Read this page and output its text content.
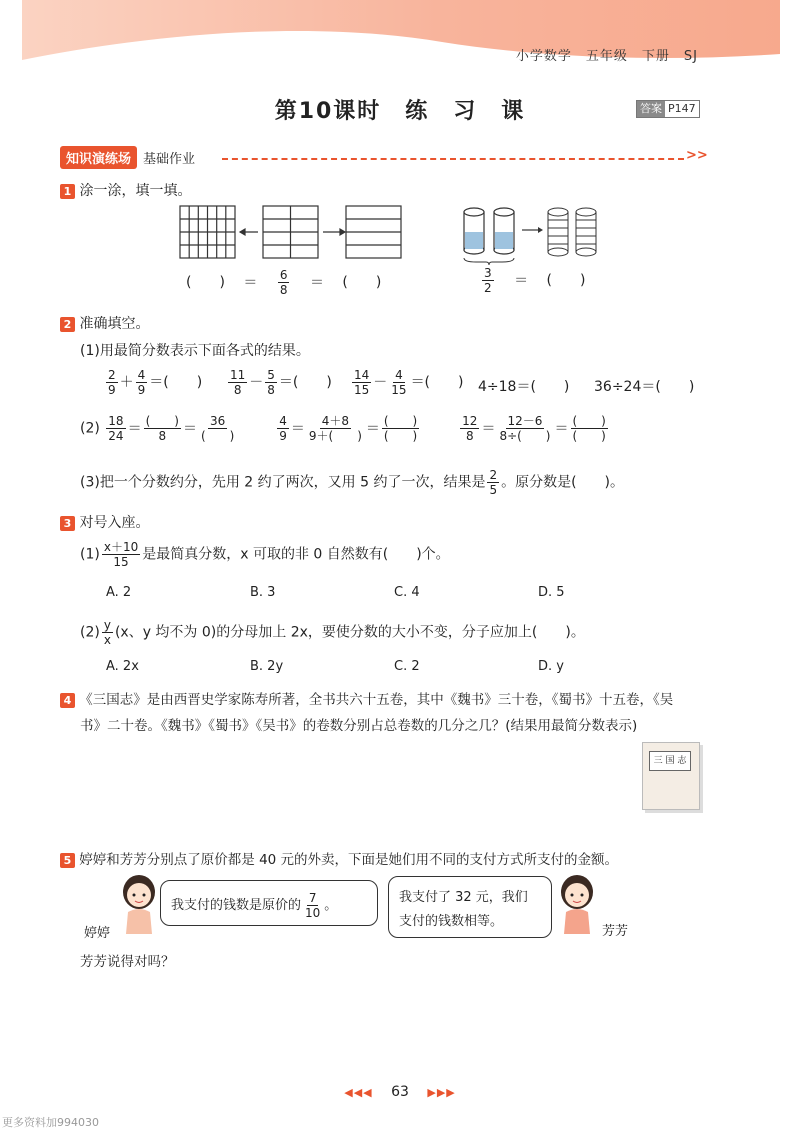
小学数学　五年级　下册　SJ
第10课时　练　习　课	答案 P147
知识演练场 基础作业	>>
1 涂一涂，填一填。
(　　) ＝ $\frac{6}{8}$ ＝ (　　)	$\frac{3}{2}$ ＝ (　　)
2 准确填空。
(1)用最简分数表示下面各式的结果。
$\frac{2}{9} + \frac{4}{9}$ ＝(　　) $\frac{11}{8} - \frac{5}{8}$ ＝(　　) $\frac{14}{15} - \frac{4}{15}$ ＝(　　) 4÷18＝(　　) 36÷24＝(　　)
$(2) \frac{18}{24} = \frac{( )}{8} = \frac{36}{( )}$
	$\frac{4}{9} = \frac{4+8}{9+( )} = \frac{( )}{( )}$
	$\frac{12}{8} = \frac{12-6}{8\div( )} = \frac{( )}{( )}$
(3)把一个分数约分，先用 2 约了两次，又用 5 约了一次，结果是 $\frac{2}{5}$ 。原分数是(　　)。
3 对号入座。
$(1) \frac{x+10}{15}$ 是最简真分数，x 可取的非 0 自然数有(　　)个。
A. 2	B. 3	C. 4	D. 5
$(2) \frac{y}{x} (x$、y 均不为 0)的分母加上 2x，要使分数的大小不变，分子应加上(　　)。
A. 2x	B. 2y	C. 2	D. y
4 《三国志》是由西晋史学家陈寿所著，全书共六十五卷，其中《魏书》三十卷，《蜀书》十五卷，《吴
书》二十卷。《魏书》《蜀书》《吴书》的卷数分别占总卷数的几分之几？(结果用最简分数表示)
三 国 志
5 婷婷和芳芳分别点了原价都是 40 元的外卖，下面是她们用不同的支付方式所支付的金额。
我支付的钱数是原价的 $\frac{7}{10}$ 。
婷婷
我支付了 32 元，我们
支付的钱数相等。
芳芳
芳芳说得对吗？
◀◀◀ 63 ▶▶▶
更多资料加994030
